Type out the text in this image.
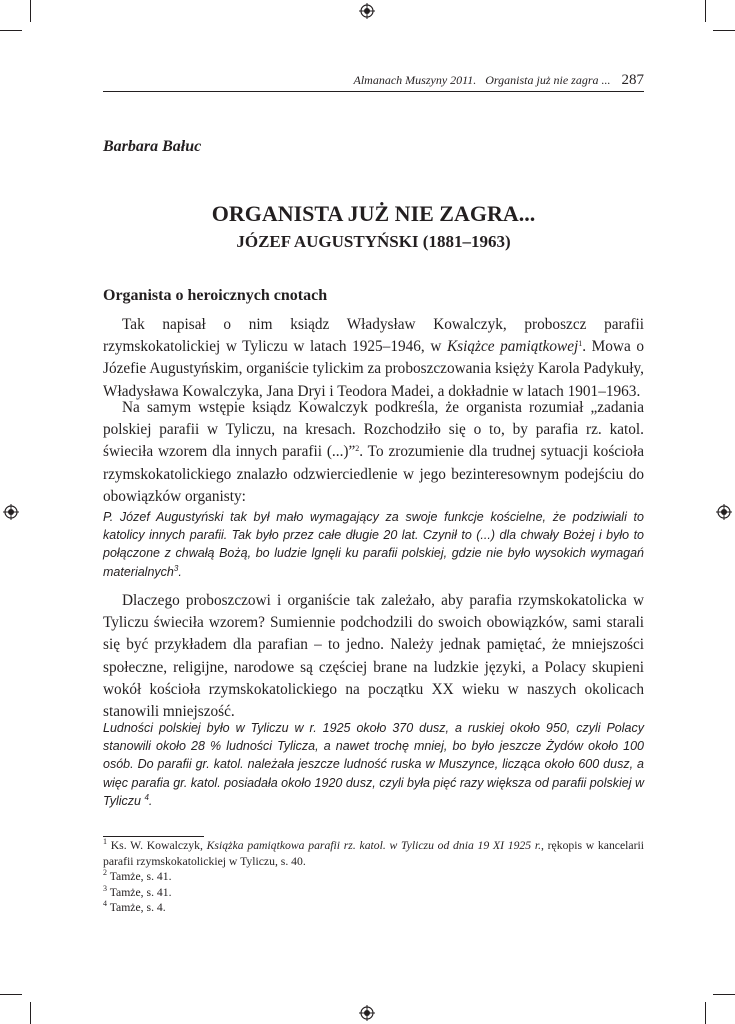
Almanach Muszyny 2011. Organista już nie zagra ... 287
Barbara Bałuc
ORGANISTA JUŻ NIE ZAGRA...
JÓZEF AUGUSTYŃSKI (1881–1963)
Organista o heroicznych cnotach

Tak napisał o nim ksiądz Władysław Kowalczyk, proboszcz parafii rzymskokatolickiej w Tyliczu w latach 1925–1946, w Książce pamiątkowej$^1$. Mowa o Józefie Augustyńskim, organiście tylickim za proboszczowania księży Karola Padykuły, Władysława Kowalczyka, Jana Dryi i Teodora Madei, a dokładnie w latach 1901–1963.

Na samym wstępie ksiądz Kowalczyk podkreśla, że organista rozumiał „zadania polskiej parafii w Tyliczu, na kresach. Rozchodziło się o to, by parafia rz. katol. świeciła wzorem dla innych parafii (...)”$^2$. To zrozumienie dla trudnej sytuacji kościoła rzymskokatolickiego znalazło odzwierciedlenie w jego bezinteresownym podejściu do obowiązków organisty:

P. Józef Augustyński tak był mało wymagający za swoje funkcje kościelne, że podziwiali to katolicy innych parafii. Tak było przez całe długie 20 lat. Czynił to (...) dla chwały Bożej i było to połączone z chwałą Bożą, bo ludzie lgnęli ku parafii polskiej, gdzie nie było wysokich wymagań materialnych$^3$.

Dlaczego proboszczowi i organiście tak zależało, aby parafia rzymskokatolicka w Tyliczu świeciła wzorem? Sumiennie podchodzili do swoich obowiązków, sami starali się być przykładem dla parafian – to jedno. Należy jednak pamiętać, że mniejszości społeczne, religijne, narodowe są częściej brane na ludzkie języki, a Polacy skupieni wokół kościoła rzymskokatolickiego na początku XX wieku w naszych okolicach stanowili mniejszość.

Ludności polskiej było w Tyliczu w r. 1925 około 370 dusz, a ruskiej około 950, czyli Polacy stanowili około 28 % ludności Tylicza, a nawet trochę mniej, bo było jeszcze Żydów około 100 osób. Do parafii gr. katol. należała jeszcze ludność ruska w Muszynce, licząca około 600 dusz, a więc parafia gr. katol. posiadała około 1920 dusz, czyli była pięć razy większa od parafii polskiej w Tyliczu $^4$.

$^1$ Ks. W. Kowalczyk, Książka pamiątkowa parafii rz. katol. w Tyliczu od dnia 19 XI 1925 r., rękopis w kancelarii parafii rzymskokatolickiej w Tyliczu, s. 40.

$^2$ Tamże, s. 41.

$^3$ Tamże, s. 41.

$^4$ Tamże, s. 4.
